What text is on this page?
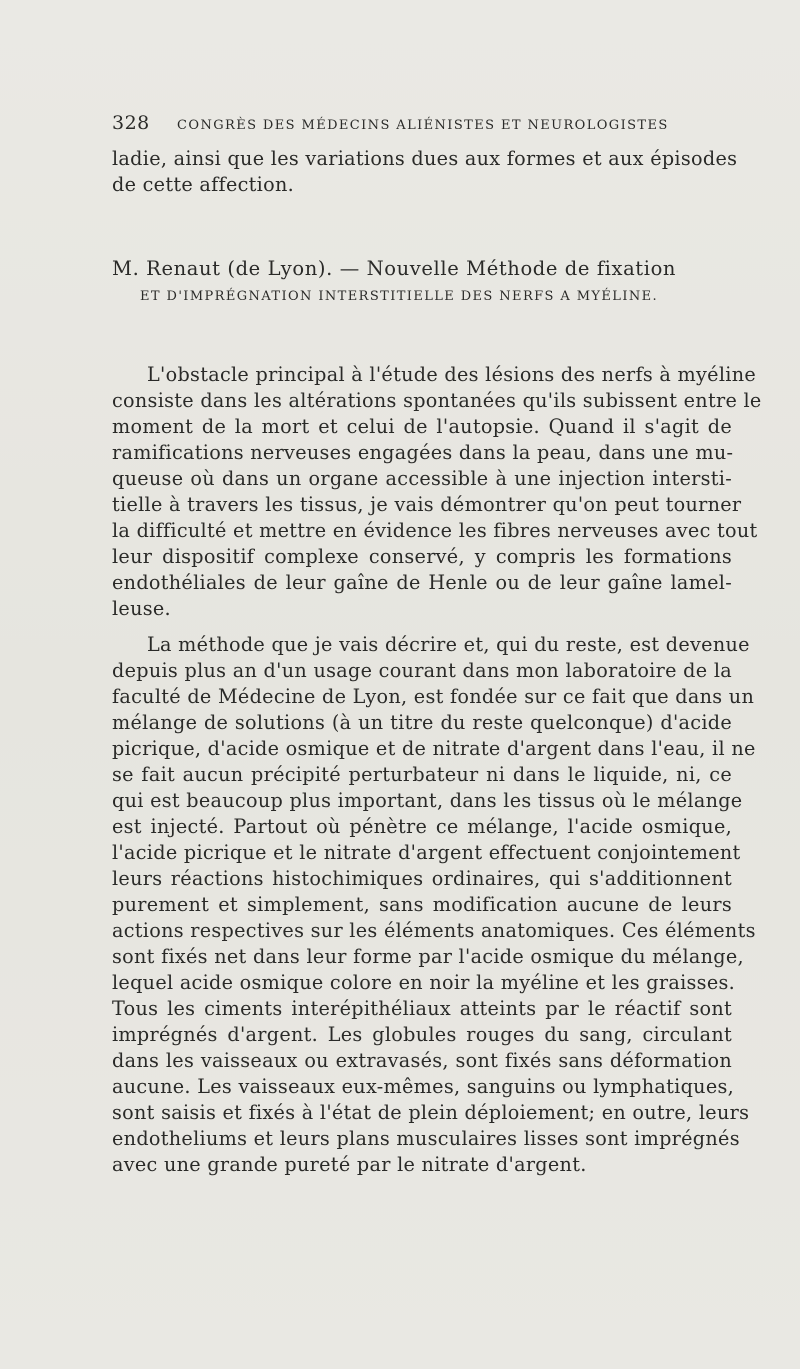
328 CONGRÈS DES MÉDECINS ALIÉNISTES ET NEUROLOGISTES
ladie, ainsi que les variations dues aux formes et aux épisodes
de cette affection.
M. Renaut (de Lyon). — Nouvelle Méthode de fixation
ET D'IMPRÉGNATION INTERSTITIELLE DES NERFS A MYÉLINE.
L'obstacle principal à l'étude des lésions des nerfs à myéline
consiste dans les altérations spontanées qu'ils subissent entre le
moment de la mort et celui de l'autopsie. Quand il s'agit de
ramifications nerveuses engagées dans la peau, dans une mu-
queuse où dans un organe accessible à une injection intersti-
tielle à travers les tissus, je vais démontrer qu'on peut tourner
la difficulté et mettre en évidence les fibres nerveuses avec tout
leur dispositif complexe conservé, y compris les formations
endothéliales de leur gaîne de Henle ou de leur gaîne lamel-
leuse.
La méthode que je vais décrire et, qui du reste, est devenue
depuis plus an d'un usage courant dans mon laboratoire de la
faculté de Médecine de Lyon, est fondée sur ce fait que dans un
mélange de solutions (à un titre du reste quelconque) d'acide
picrique, d'acide osmique et de nitrate d'argent dans l'eau, il ne
se fait aucun précipité perturbateur ni dans le liquide, ni, ce
qui est beaucoup plus important, dans les tissus où le mélange
est injecté. Partout où pénètre ce mélange, l'acide osmique,
l'acide picrique et le nitrate d'argent effectuent conjointement
leurs réactions histochimiques ordinaires, qui s'additionnent
purement et simplement, sans modification aucune de leurs
actions respectives sur les éléments anatomiques. Ces éléments
sont fixés net dans leur forme par l'acide osmique du mélange,
lequel acide osmique colore en noir la myéline et les graisses.
Tous les ciments interépithéliaux atteints par le réactif sont
imprégnés d'argent. Les globules rouges du sang, circulant
dans les vaisseaux ou extravasés, sont fixés sans déformation
aucune. Les vaisseaux eux-mêmes, sanguins ou lymphatiques,
sont saisis et fixés à l'état de plein déploiement; en outre, leurs
endotheliums et leurs plans musculaires lisses sont imprégnés
avec une grande pureté par le nitrate d'argent.
